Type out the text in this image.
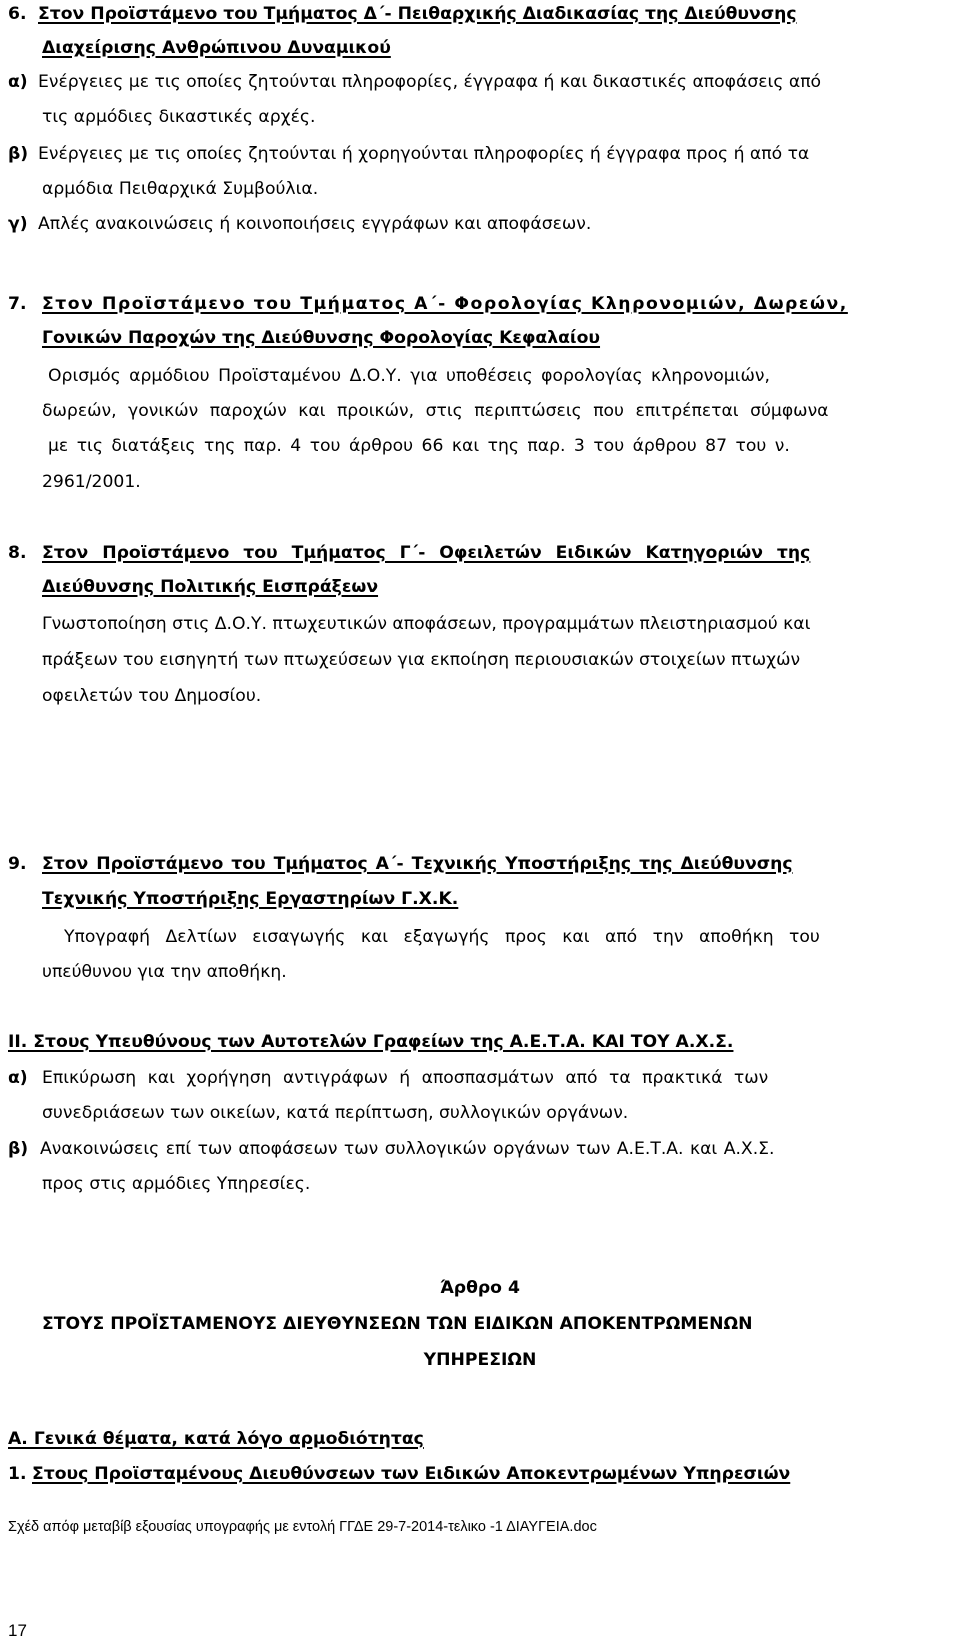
6. Στον Προϊστάμενο του Τμήματος Δ΄- Πειθαρχικής Διαδικασίας της Διεύθυνσης
Διαχείρισης Ανθρώπινου Δυναμικού
α) Ενέργειες με τις οποίες ζητούνται πληροφορίες, έγγραφα ή και δικαστικές αποφάσεις από
τις αρμόδιες δικαστικές αρχές.
β) Ενέργειες με τις οποίες ζητούνται ή χορηγούνται πληροφορίες ή έγγραφα προς ή από τα
αρμόδια Πειθαρχικά Συμβούλια.
γ) Απλές ανακοινώσεις ή κοινοποιήσεις εγγράφων και αποφάσεων.
7. Στον Προϊστάμενο του Τμήματος Α΄- Φορολογίας Κληρονομιών, Δωρεών,
Γονικών Παροχών της Διεύθυνσης Φορολογίας Κεφαλαίου
Ορισμός αρμόδιου Προϊσταμένου Δ.Ο.Υ. για υποθέσεις φορολογίας κληρονομιών,
δωρεών, γονικών παροχών και προικών, στις περιπτώσεις που επιτρέπεται σύμφωνα
με τις διατάξεις της παρ. 4 του άρθρου 66 και της παρ. 3 του άρθρου 87 του ν.
2961/2001.
8. Στον Προϊστάμενο του Τμήματος Γ΄- Οφειλετών Ειδικών Κατηγοριών της
Διεύθυνσης Πολιτικής Εισπράξεων
Γνωστοποίηση στις Δ.Ο.Υ. πτωχευτικών αποφάσεων, προγραμμάτων πλειστηριασμού και
πράξεων του εισηγητή των πτωχεύσεων για εκποίηση περιουσιακών στοιχείων πτωχών
οφειλετών του Δημοσίου.
9. Στον Προϊστάμενο του Τμήματος Α΄- Τεχνικής Υποστήριξης της Διεύθυνσης
Τεχνικής Υποστήριξης Εργαστηρίων Γ.Χ.Κ.
Υπογραφή Δελτίων εισαγωγής και εξαγωγής προς και από την αποθήκη του
υπεύθυνου για την αποθήκη.
ΙΙ. Στους Υπευθύνους των Αυτοτελών Γραφείων της Α.Ε.Τ.Α. ΚΑΙ ΤΟΥ Α.Χ.Σ.
α) Επικύρωση και χορήγηση αντιγράφων ή αποσπασμάτων από τα πρακτικά των
συνεδριάσεων των οικείων, κατά περίπτωση, συλλογικών οργάνων.
β) Ανακοινώσεις επί των αποφάσεων των συλλογικών οργάνων των Α.Ε.Τ.Α. και Α.Χ.Σ.
προς στις αρμόδιες Υπηρεσίες.
Άρθρο 4
ΣΤΟΥΣ ΠΡΟΪΣΤΑΜΕΝΟΥΣ ΔΙΕΥΘΥΝΣΕΩΝ ΤΩΝ ΕΙΔΙΚΩΝ ΑΠΟΚΕΝΤΡΩΜΕΝΩΝ
ΥΠΗΡΕΣΙΩΝ
Α. Γενικά θέματα, κατά λόγο αρμοδιότητας
1. Στους Προϊσταμένους Διευθύνσεων των Ειδικών Αποκεντρωμένων Υπηρεσιών
Σχέδ απόφ μεταβίβ εξουσίας υπογραφής με εντολή ΓΓΔΕ 29-7-2014-τελικο -1 ΔΙΑΥΓΕΙΑ.doc
17
